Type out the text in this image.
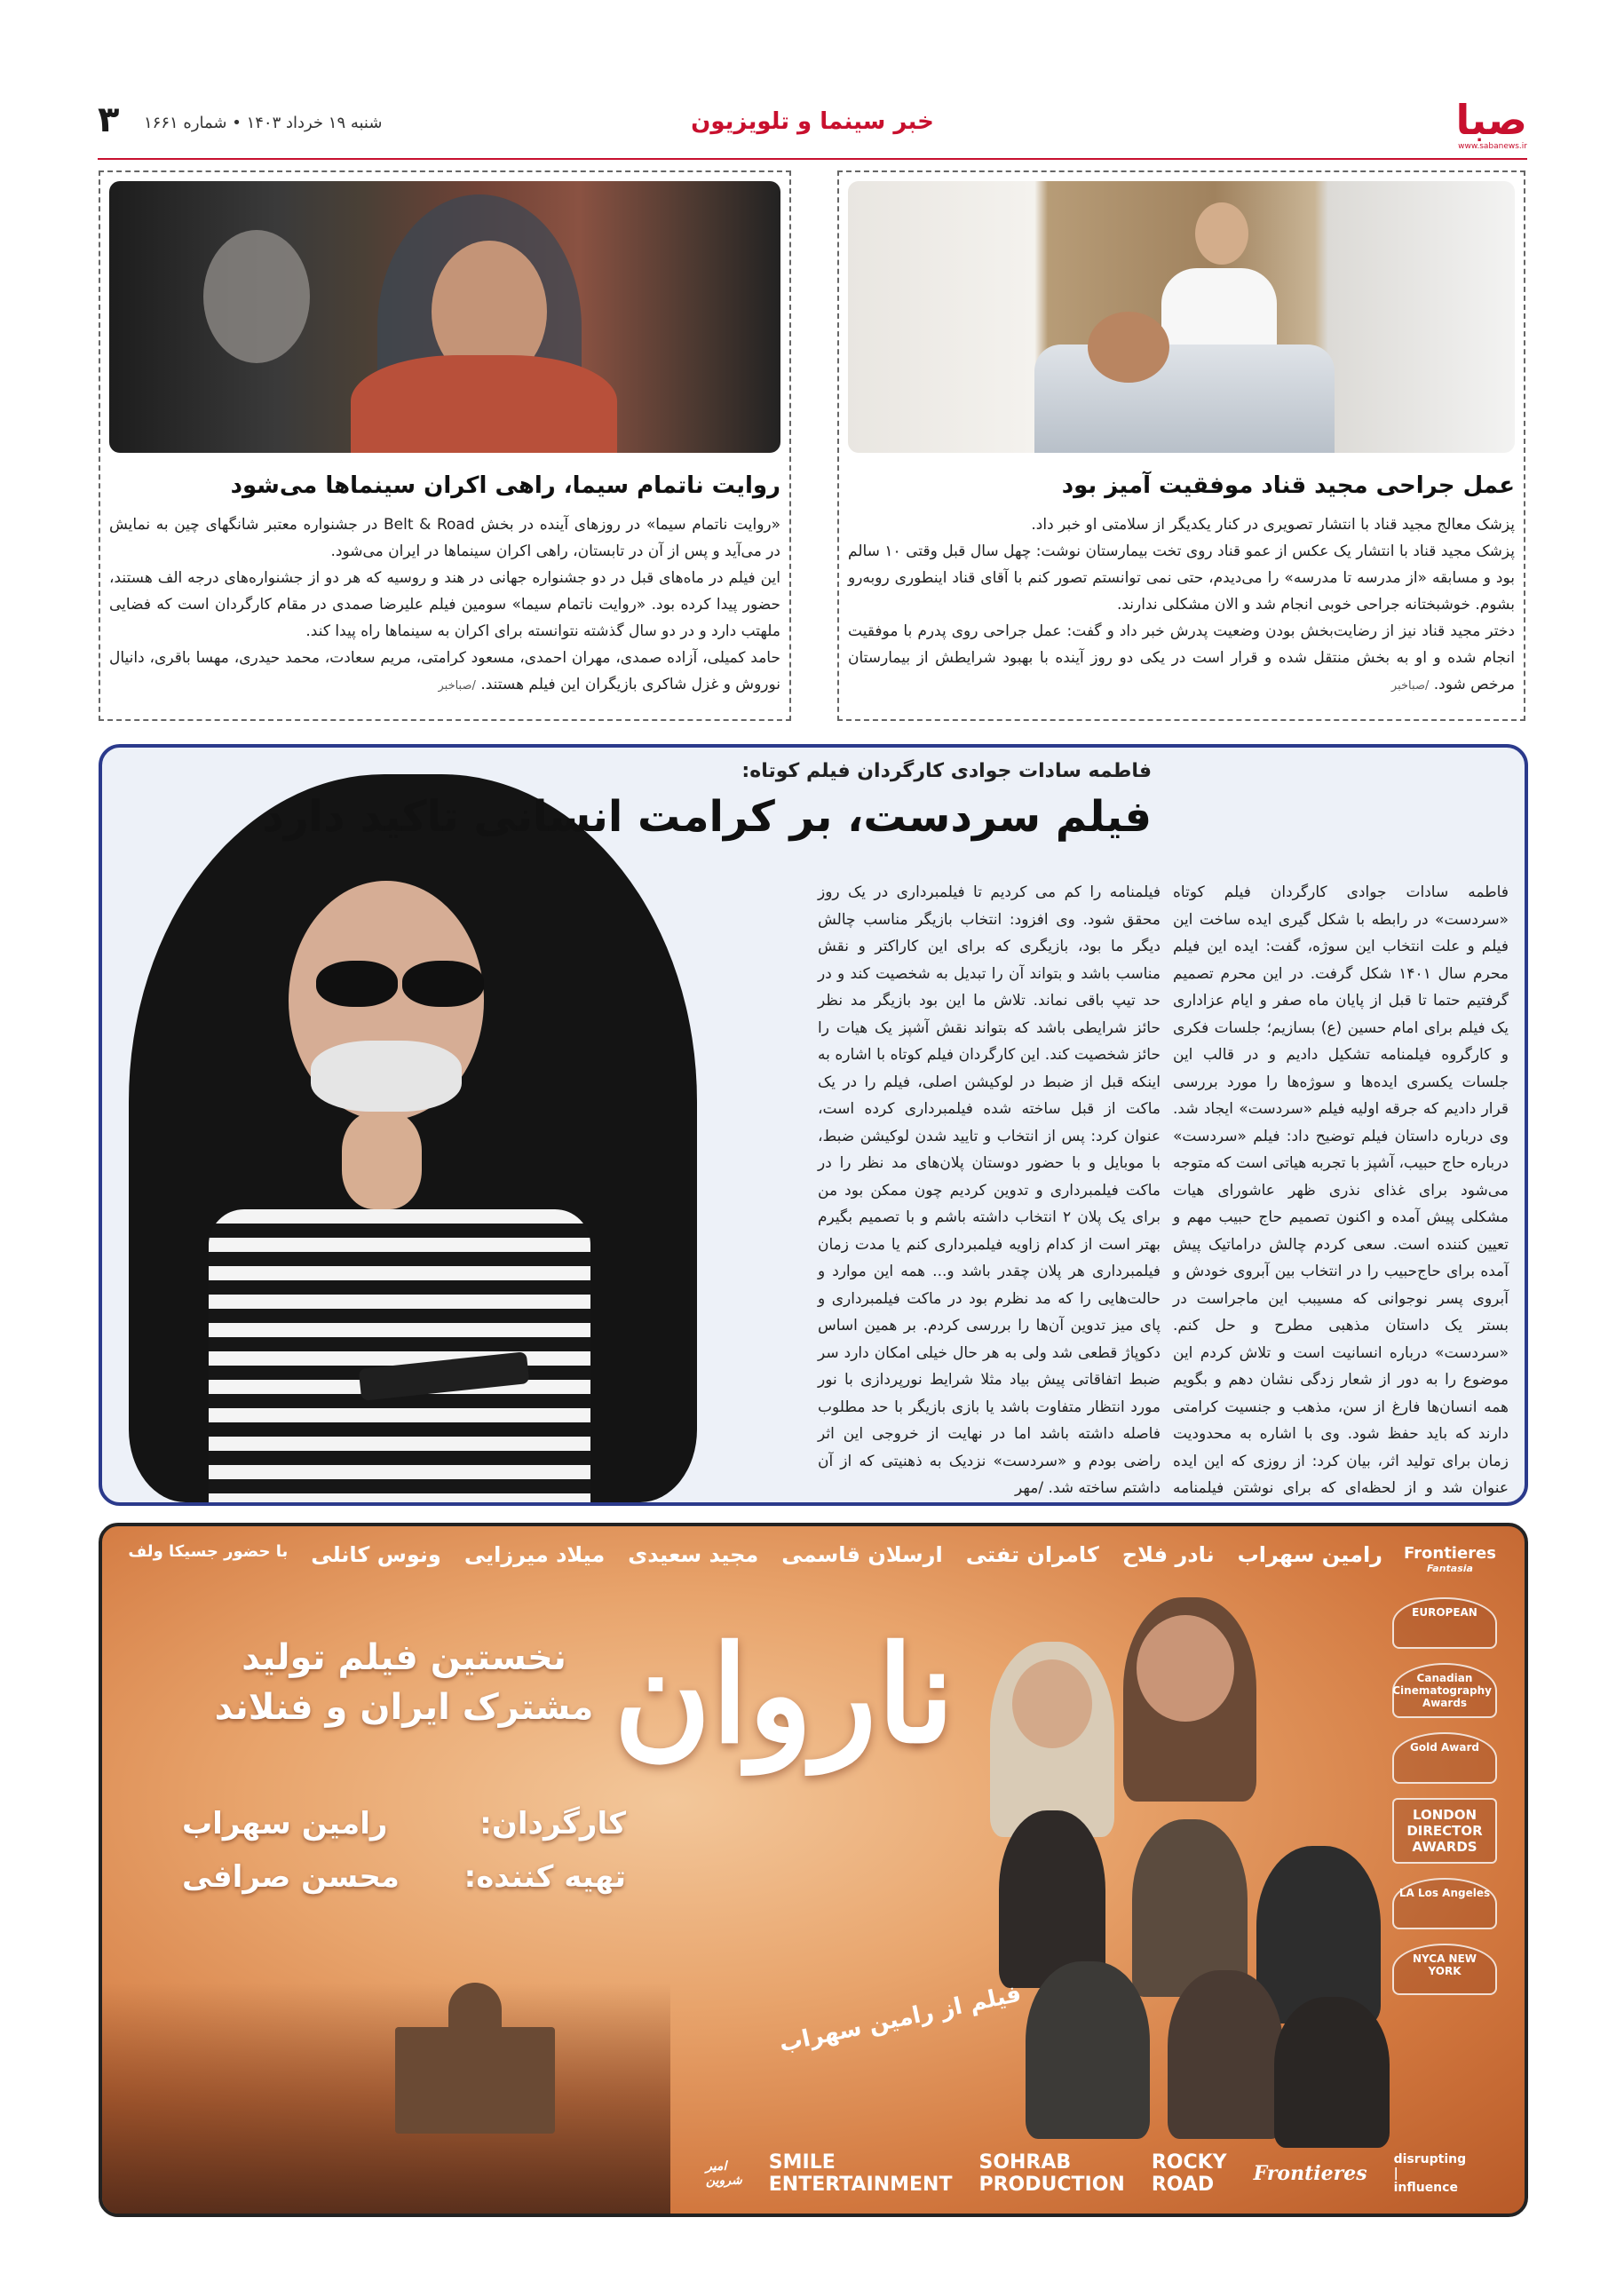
صبا
www.sabanews.ir
خبر سینما و تلویزیون
شنبه ۱۹ خرداد ۱۴۰۳ • شماره ۱۶۶۱
۳
عمل جراحی مجید قناد موفقیت آمیز بود

پزشک معالج مجید قناد با انتشار تصویری در کنار یکدیگر از سلامتی او خبر داد.

پزشک مجید قناد با انتشار یک عکس از عمو قناد روی تخت بیمارستان نوشت: چهل سال قبل وقتی ۱۰ سالم بود و مسابقه «از مدرسه تا مدرسه» را می‌دیدم، حتی نمی توانستم تصور کنم با آقای قناد اینطوری روبه‌رو بشوم. خوشبختانه جراحی خوبی انجام شد و الان مشکلی ندارند.

دختر مجید قناد نیز از رضایت‌بخش بودن وضعیت پدرش خبر داد و گفت: عمل جراحی روی پدرم با موفقیت انجام شده و او به بخش منتقل شده و قرار است در یکی دو روز آینده با بهبود شرایطش از بیمارستان مرخص شود. /صباخبر

روایت ناتمام سیما، راهی اکران سینماها می‌شود

«روایت ناتمام سیما» در روزهای آینده در بخش Belt & Road در جشنواره معتبر شانگهای چین به نمایش در می‌آید و پس از آن در تابستان، راهی اکران سینماها در ایران می‌شود.

این فیلم در ماه‌های قبل در دو جشنواره جهانی در هند و روسیه که هر دو از جشنواره‌های درجه الف هستند، حضور پیدا کرده بود. «روایت ناتمام سیما» سومین فیلم علیرضا صمدی در مقام کارگردان است که فضایی ملهتب دارد و در دو سال گذشته نتوانسته برای اکران به سینماها راه پیدا کند.

حامد کمیلی، آزاده صمدی، مهران احمدی، مسعود کرامتی، مریم سعادت، محمد حیدری، مهسا باقری، دانیال نوروش و غزل شاکری بازیگران این فیلم هستند. /صباخبر

فاطمه سادات جوادی کارگردان فیلم کوتاه:
فیلم سردست، بر کرامت انسانی تاکید دارد
فاطمه سادات جوادی کارگردان فیلم کوتاه «سردست» در رابطه با شکل گیری ایده ساخت این فیلم و علت انتخاب این سوژه، گفت: ایده این فیلم محرم سال ۱۴۰۱ شکل گرفت. در این محرم تصمیم گرفتیم حتما تا قبل از پایان ماه صفر و ایام عزاداری یک فیلم برای امام حسین (ع) بسازیم؛ جلسات فکری و کارگروه فیلمنامه تشکیل دادیم و در قالب این جلسات یکسری ایده‌ها و سوژه‌ها را مورد بررسی قرار دادیم که جرقه اولیه فیلم «سردست» ایجاد شد. وی درباره داستان فیلم توضیح داد: فیلم «سردست» درباره حاج حبیب، آشپز با تجربه هیاتی است که متوجه می‌شود برای غذای نذری ظهر عاشورای هیات مشکلی پیش آمده و اکنون تصمیم حاج حبیب مهم و تعیین کننده است. سعی کردم چالش دراماتیک پیش آمده برای حاج‌حبیب را در انتخاب بین آبروی خودش و آبروی پسر نوجوانی که مسیبب این ماجراست در بستر یک داستان مذهبی مطرح و حل کنم. «سردست» درباره انسانیت است و تلاش کردم‌ این موضوع را به دور از شعار زدگی نشان دهم و بگویم همه انسان‌ها فارغ از سن، مذهب و جنسیت کرامتی دارند که باید حفظ شود. وی با اشاره به محدودیت زمان برای تولید اثر، بیان کرد: از روزی که این ایده عنوان شد و از لحظه‌ای که برای نوشتن فیلمنامه
فیلمنامه را کم می کردیم تا فیلمبرداری در یک روز محقق شود. وی افزود: انتخاب بازیگر مناسب چالش دیگر ما بود، بازیگری که برای این کاراکتر و نقش مناسب باشد و بتواند آن را تبدیل به شخصیت کند و در حد تیپ باقی نماند. تلاش ما این بود بازیگر مد نظر حائز شرایطی باشد که بتواند نقش آشپز یک هیات را حائز شخصیت کند. این کارگردان فیلم کوتاه با اشاره به اینکه قبل از ضبط در لوکیشن اصلی، فیلم را در یک ماکت از قبل ساخته شده فیلمبرداری کرده است، عنوان کرد: پس از انتخاب و تایید شدن لوکیشن ضبط، با موبایل و با حضور دوستان پلان‌های مد نظر را در ماکت فیلمبرداری و تدوین کردیم چون ممکن بود من برای یک پلان ۲ انتخاب داشته باشم و با تصمیم بگیرم بهتر است از کدام زاویه فیلمبرداری کنم یا مدت زمان فیلمبرداری هر پلان چقدر باشد و... همه این موارد و حالت‌هایی را که مد نظرم بود در ماکت فیلمبرداری و پای میز تدوین آن‌ها را بررسی کردم. بر همین اساس دکوپاژ قطعی شد ولی به هر حال خیلی امکان دارد سر ضبط اتفاقاتی پیش بیاد مثلا شرایط نورپردازی با نور مورد انتظار متفاوت باشد یا بازی بازیگر با حد مطلوب فاصله داشته باشد اما در نهایت از خروجی این اثر راضی بودم و «سردست» نزدیک به ذهنیتی که از آن داشتم ساخته شد. /مهر
Frontieres
Fantasia
رامین سهراب
نادر فلاح
کامران تفتی
ارسلان قاسمی
مجید سعیدی
میلاد میرزایی
ونوس کانلی
با حضور جسیکا ولف
EUROPEAN
Canadian Cinematography Awards
Gold Award
LONDON DIRECTOR AWARDS
LA Los Angeles
NYCA NEW YORK
ناروان
فیلم از رامین سهراب
نخستین فیلم تولید
مشترک ایران و فنلاند
کارگردان:
رامین سهراب
تهیه کننده:
محسن صرافی
امیر شروین
SMILE ENTERTAINMENT
SOHRAB PRODUCTION
ROCKY ROAD	Frontieres
disrupting | influence
